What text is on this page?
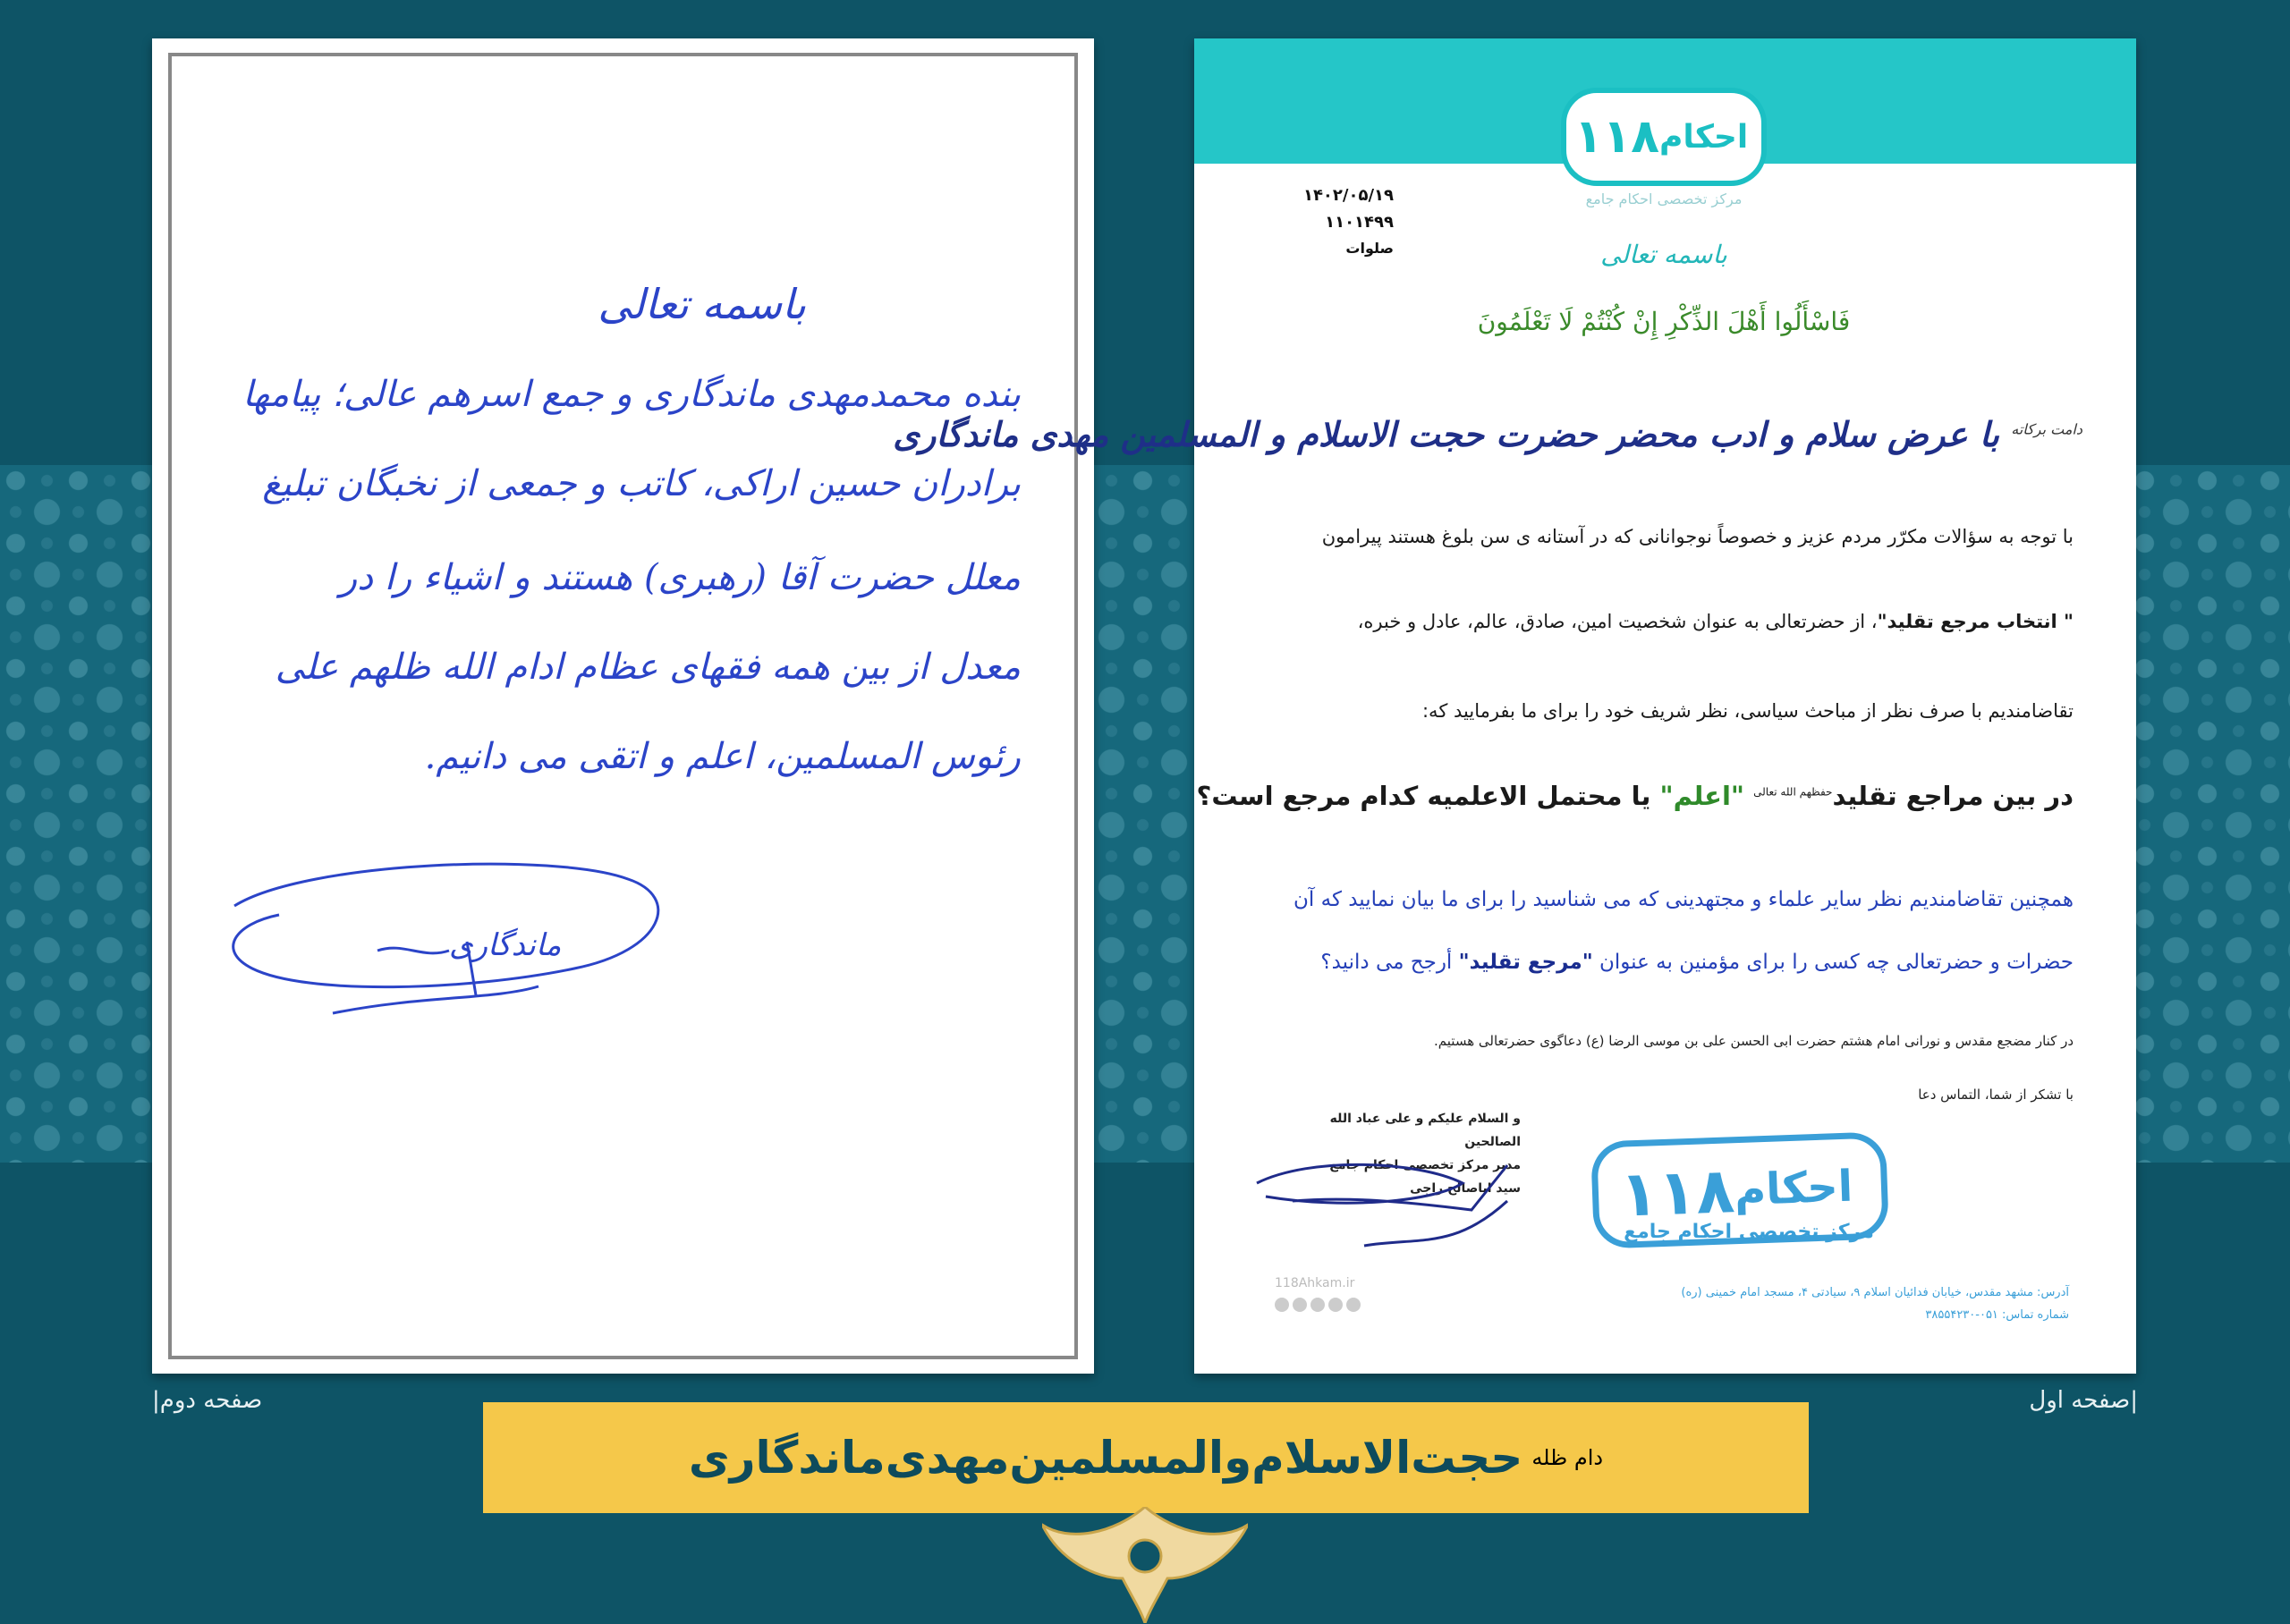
باسمه تعالی
بنده محمدمهدی ماندگاری و جمع اسرهم عالی؛ پیامها
برادران حسین اراکی، کاتب و جمعی از نخبگان تبلیغ
معلل حضرت آقا (رهبری) هستند و اشیاء را در
معدل از بین همه فقهای عظام ادام الله ظلهم علی
رئوس المسلمین، اعلم و اتقی می دانیم.
ماندگاری
۱۱۸ احکام
مرکز تخصصی احکام جامع
۱۴۰۲/۰۵/۱۹
۱۱۰۱۴۹۹
صلوات	باسمه تعالی
فَاسْأَلُوا أَهْلَ الذِّكْرِ إِنْ كُنْتُمْ لَا تَعْلَمُونَ
$^{دامت برکاته}$ با عرض سلام و ادب محضر حضرت حجت الاسلام و المسلمین مهدی ماندگاری
با توجه به سؤالات مکرّر مردم عزیز و خصوصاً نوجوانانی که در آستانه ی سن بلوغ هستند پیرامون
" انتخاب مرجع تقلید"، از حضرتعالی به عنوان شخصیت امین، صادق، عالم، عادل و خبره،
تقاضامندیم با صرف نظر از مباحث سیاسی، نظر شریف خود را برای ما بفرمایید که:
در بین مراجع تقلید$^{حفظهم الله تعالی}$ "اعلم" یا محتمل الاعلمیه کدام مرجع است؟
همچنین تقاضامندیم نظر سایر علماء و مجتهدینی که می شناسید را برای ما بیان نمایید که آن
حضرات و حضرتعالی چه کسی را برای مؤمنین به عنوان "مرجع تقلید" أرجح می دانید؟
در کنار مضجع مقدس و نورانی امام هشتم حضرت ابی الحسن علی بن موسی الرضا (ع) دعاگوی حضرتعالی هستیم.
با تشکر از شما، التماس دعا
و السلام علیکم و علی عباد الله الصالحین
مدیر مرکز تخصصی احکام جامع
سید اباصالح راجی ۱۱۸
احکام
مرکز تخصصی احکام جامع
118Ahkam.ir
آدرس: مشهد مقدس، خیابان فدائیان اسلام ۹، سیادتی ۴، مسجد امام خمینی (ره)
شماره تماس: ۰۵۱-۳۸۵۵۴۲۳۰
صفحه دوم|	|صفحه اول
حجت‌الاسلام‌والمسلمین‌مهدی‌ماندگاری دام ظله
